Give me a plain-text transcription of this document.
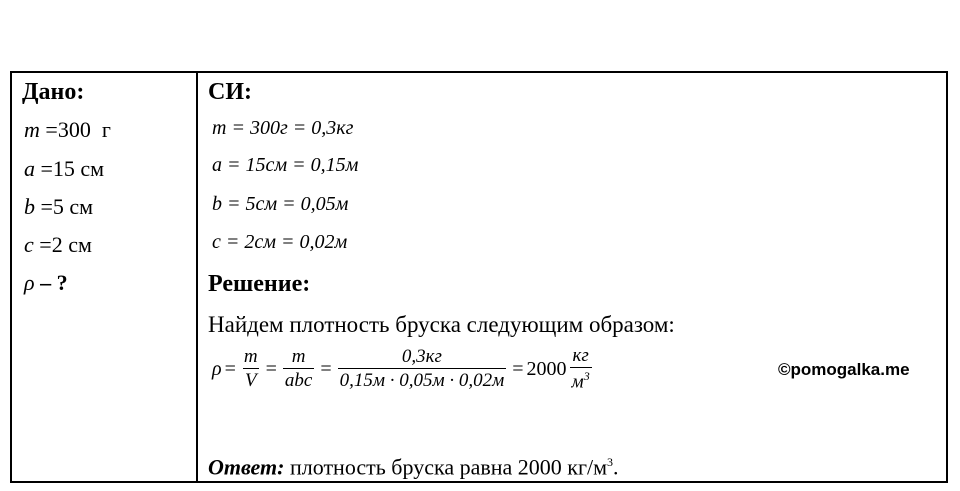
Дано:
m =300 г
a =15 см
b =5 см
c =2 см
ρ – ?
СИ:
m = 300г = 0,3кг
a = 15см = 0,15м
b = 5см = 0,05м
c = 2см = 0,02м
Решение:
Найдем плотность бруска следующим образом:
$\rho = \frac{m}{V} = \frac{m}{\text{abc}} = \frac{0,3кг}{0,15м \cdot 0,05м \cdot 0,02м} = 2000 \frac{кг}{м^3}$	©pomogalka.me
Ответ: плотность бруска равна 2000 $кг/м^3$.
